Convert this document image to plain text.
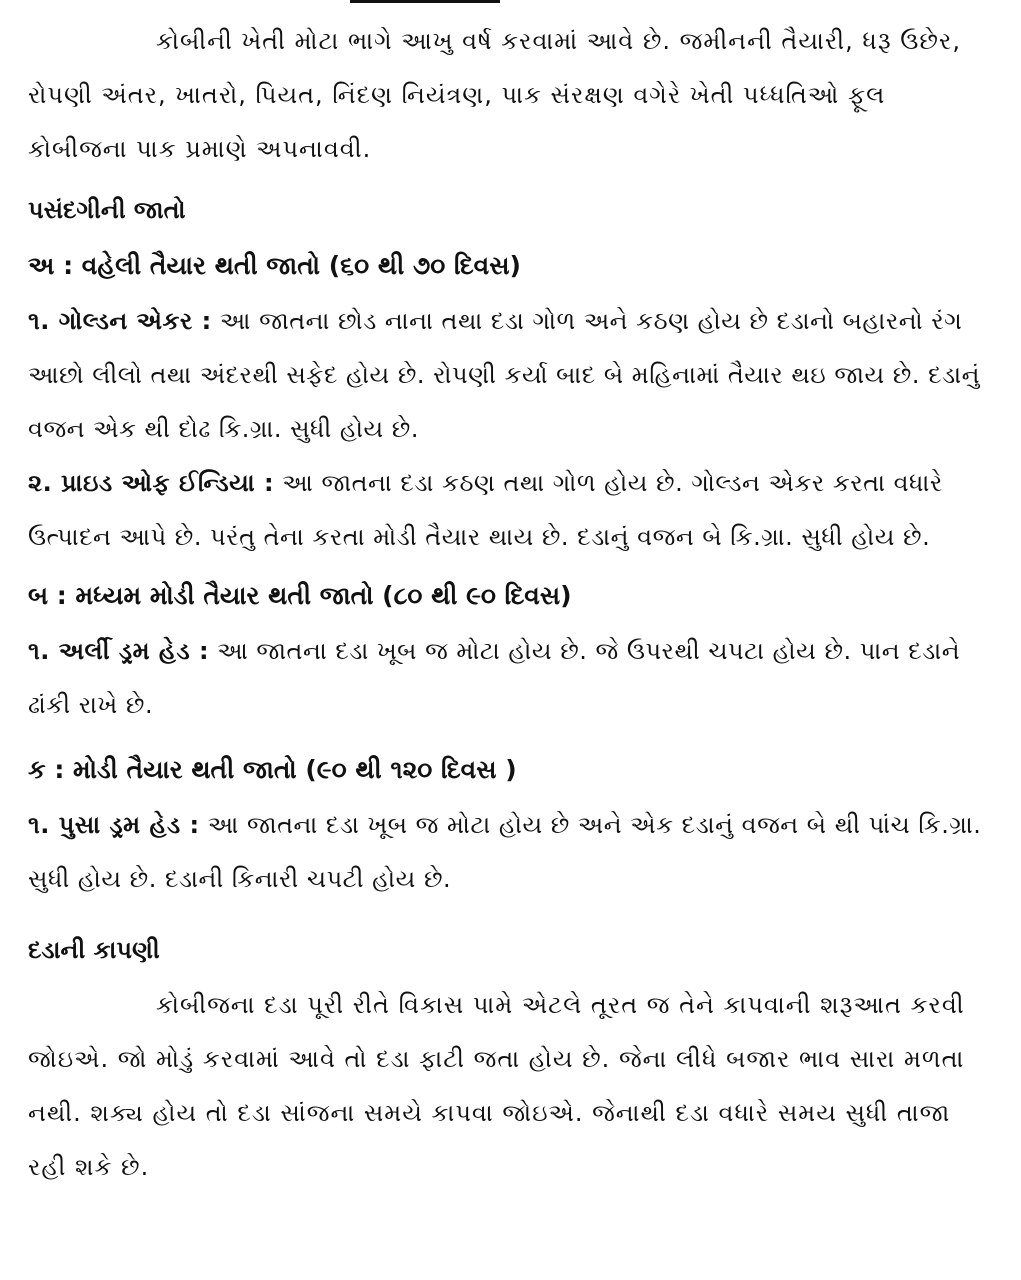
કોબીની ખેતી મોટા ભાગે આખુ વર્ષ કરવામાં આવે છે. જમીનની તૈયારી, ધરૂ ઉછેર, રોપણી અંતર, ખાતરો, પિયત, નિંદણ નિયંત્રણ, પાક સંરક્ષણ વગેરે ખેતી પધ્ધતિઓ ફૂલ કોબીજના પાક પ્રમાણે અપનાવવી.

પસંદગીની જાતો

અ : વહેલી તૈયાર થતી જાતો (૬૦ થી ૭૦ દિવસ)

૧. ગોલ્ડન એકર : આ જાતના છોડ નાના તથા દડા ગોળ અને કઠણ હોય છે દડાનો બહારનો રંગ આછો લીલો તથા અંદરથી સફેદ હોય છે. રોપણી કર્યા બાદ બે મહિનામાં તૈયાર થઇ જાય છે. દડાનું વજન એક થી દોઢ કિ.ગ્રા. સુધી હોય છે.

૨. પ્રાઇડ ઓફ ઈન્ડિયા : આ જાતના દડા કઠણ તથા ગોળ હોય છે. ગોલ્ડન એકર કરતા વધારે ઉત્પાદન આપે છે. પરંતુ તેના કરતા મોડી તૈયાર થાય છે. દડાનું વજન બે કિ.ગ્રા. સુધી હોય છે.

બ : મધ્યમ મોડી તૈયાર થતી જાતો (૮૦ થી ૯૦ દિવસ)

૧. અર્લી ડ્રમ હેડ : આ જાતના દડા ખૂબ જ મોટા હોય છે. જે ઉપરથી ચપટા હોય છે. પાન દડાને ઢાંકી રાખે છે.

ક : મોડી તૈયાર થતી જાતો (૯૦ થી ૧૨૦ દિવસ )

૧. પુસા ડ્રમ હેડ : આ જાતના દડા ખૂબ જ મોટા હોય છે અને એક દડાનું વજન બે થી પાંચ કિ.ગ્રા. સુધી હોય છે. દડાની કિનારી ચપટી હોય છે.

દડાની કાપણી

કોબીજના દડા પૂરી રીતે વિકાસ પામે એટલે તૂરત જ તેને કાપવાની શરૂઆત કરવી જોઇએ. જો મોડું કરવામાં આવે તો દડા ફાટી જતા હોય છે. જેના લીધે બજાર ભાવ સારા મળતા નથી. શક્ય હોય તો દડા સાંજના સમયે કાપવા જોઇએ. જેનાથી દડા વધારે સમય સુધી તાજા રહી શકે છે.
